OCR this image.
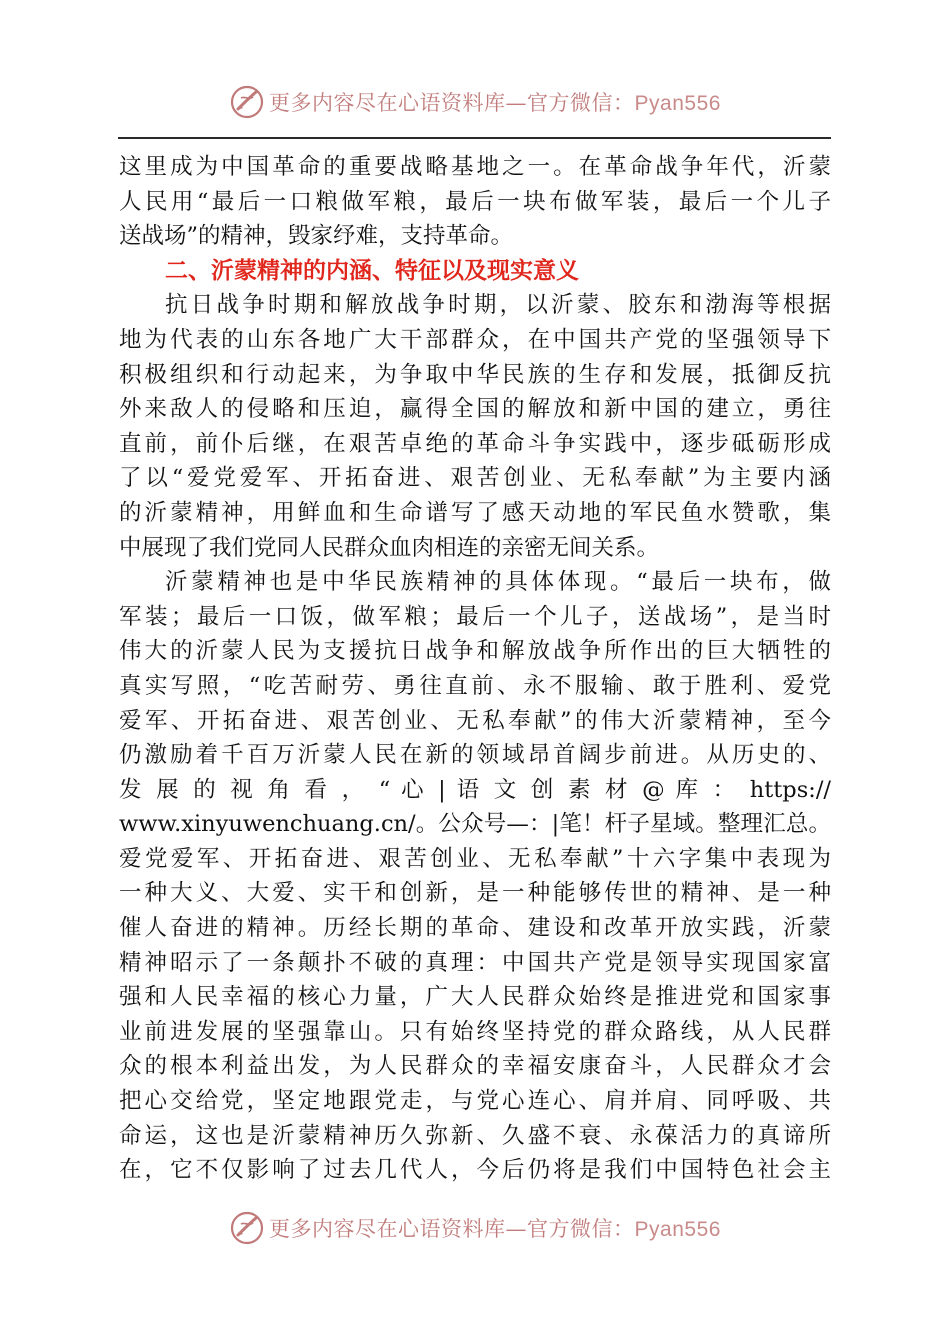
更多内容尽在心语资料库—官方微信：Pyan556
这里成为中国革命的重要战略基地之一。在革命战争年代，沂蒙
人民用“最后一口粮做军粮，最后一块布做军装，最后一个儿子
送战场”的精神，毁家纾难，支持革命。
二、沂蒙精神的内涵、特征以及现实意义
抗日战争时期和解放战争时期，以沂蒙、胶东和渤海等根据
地为代表的山东各地广大干部群众，在中国共产党的坚强领导下
积极组织和行动起来，为争取中华民族的生存和发展，抵御反抗
外来敌人的侵略和压迫，赢得全国的解放和新中国的建立，勇往
直前，前仆后继，在艰苦卓绝的革命斗争实践中，逐步砥砺形成
了以“爱党爱军、开拓奋进、艰苦创业、无私奉献”为主要内涵
的沂蒙精神，用鲜血和生命谱写了感天动地的军民鱼水赞歌，集
中展现了我们党同人民群众血肉相连的亲密无间关系。
沂蒙精神也是中华民族精神的具体体现。“最后一块布，做
军装；最后一口饭，做军粮；最后一个儿子，送战场”，是当时
伟大的沂蒙人民为支援抗日战争和解放战争所作出的巨大牺牲的
真实写照，“吃苦耐劳、勇往直前、永不服输、敢于胜利、爱党
爱军、开拓奋进、艰苦创业、无私奉献”的伟大沂蒙精神，至今
仍激励着千百万沂蒙人民在新的领域昂首阔步前进。从历史的、
发 展 的 视 角 看 ， “ 心 | 语 文 创 素 材 @ 库 ： https://
www.xinyuwenchuang.cn/。公众号—：|笔！杆子星域。整理汇总。
爱党爱军、开拓奋进、艰苦创业、无私奉献”十六字集中表现为
一种大义、大爱、实干和创新，是一种能够传世的精神、是一种
催人奋进的精神。历经长期的革命、建设和改革开放实践，沂蒙
精神昭示了一条颠扑不破的真理：中国共产党是领导实现国家富
强和人民幸福的核心力量，广大人民群众始终是推进党和国家事
业前进发展的坚强靠山。只有始终坚持党的群众路线，从人民群
众的根本利益出发，为人民群众的幸福安康奋斗，人民群众才会
把心交给党，坚定地跟党走，与党心连心、肩并肩、同呼吸、共
命运，这也是沂蒙精神历久弥新、久盛不衰、永葆活力的真谛所
在，它不仅影响了过去几代人，今后仍将是我们中国特色社会主
更多内容尽在心语资料库—官方微信：Pyan556
